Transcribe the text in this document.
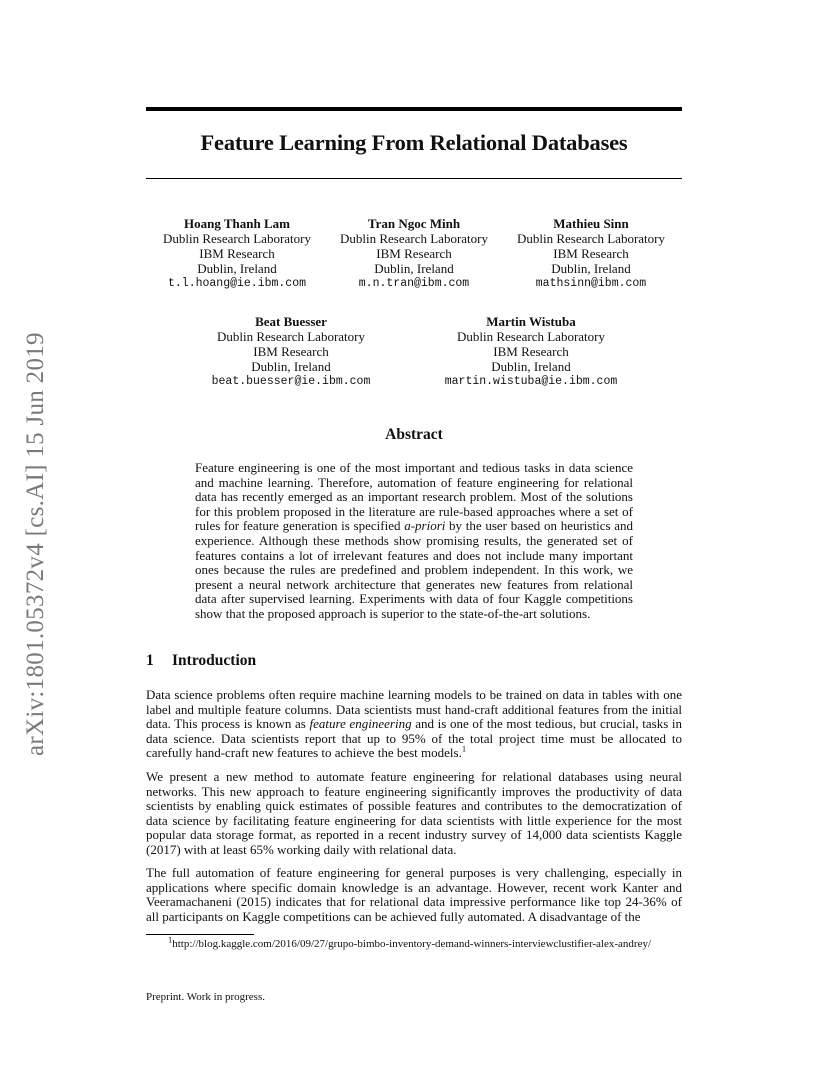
arXiv:1801.05372v4 [cs.AI] 15 Jun 2019
Feature Learning From Relational Databases
Hoang Thanh Lam
Dublin Research Laboratory
IBM Research
Dublin, Ireland
t.l.hoang@ie.ibm.com
Tran Ngoc Minh
Dublin Research Laboratory
IBM Research
Dublin, Ireland
m.n.tran@ibm.com
Mathieu Sinn
Dublin Research Laboratory
IBM Research
Dublin, Ireland
mathsinn@ibm.com
Beat Buesser
Dublin Research Laboratory
IBM Research
Dublin, Ireland
beat.buesser@ie.ibm.com
Martin Wistuba
Dublin Research Laboratory
IBM Research
Dublin, Ireland
martin.wistuba@ie.ibm.com
Abstract

Feature engineering is one of the most important and tedious tasks in data science and machine learning. Therefore, automation of feature engineering for relational data has recently emerged as an important research problem. Most of the solutions for this problem proposed in the literature are rule-based approaches where a set of rules for feature generation is specified a-priori by the user based on heuristics and experience. Although these methods show promising results, the generated set of features contains a lot of irrelevant features and does not include many important ones because the rules are predefined and problem independent. In this work, we present a neural network architecture that generates new features from relational data after supervised learning. Experiments with data of four Kaggle competitions show that the proposed approach is superior to the state-of-the-art solutions.

1 Introduction

Data science problems often require machine learning models to be trained on data in tables with one label and multiple feature columns. Data scientists must hand-craft additional features from the initial data. This process is known as feature engineering and is one of the most tedious, but crucial, tasks in data science. Data scientists report that up to 95% of the total project time must be allocated to carefully hand-craft new features to achieve the best models.$^1$

We present a new method to automate feature engineering for relational databases using neural networks. This new approach to feature engineering significantly improves the productivity of data scientists by enabling quick estimates of possible features and contributes to the democratization of data science by facilitating feature engineering for data scientists with little experience for the most popular data storage format, as reported in a recent industry survey of 14,000 data scientists Kaggle (2017) with at least 65% working daily with relational data.

The full automation of feature engineering for general purposes is very challenging, especially in applications where specific domain knowledge is an advantage. However, recent work Kanter and Veeramachaneni (2015) indicates that for relational data impressive performance like top 24-36% of all participants on Kaggle competitions can be achieved fully automated. A disadvantage of the

$^1$http://blog.kaggle.com/2016/09/27/grupo-bimbo-inventory-demand-winners-interviewclustifier-alex-andrey/

Preprint. Work in progress.
